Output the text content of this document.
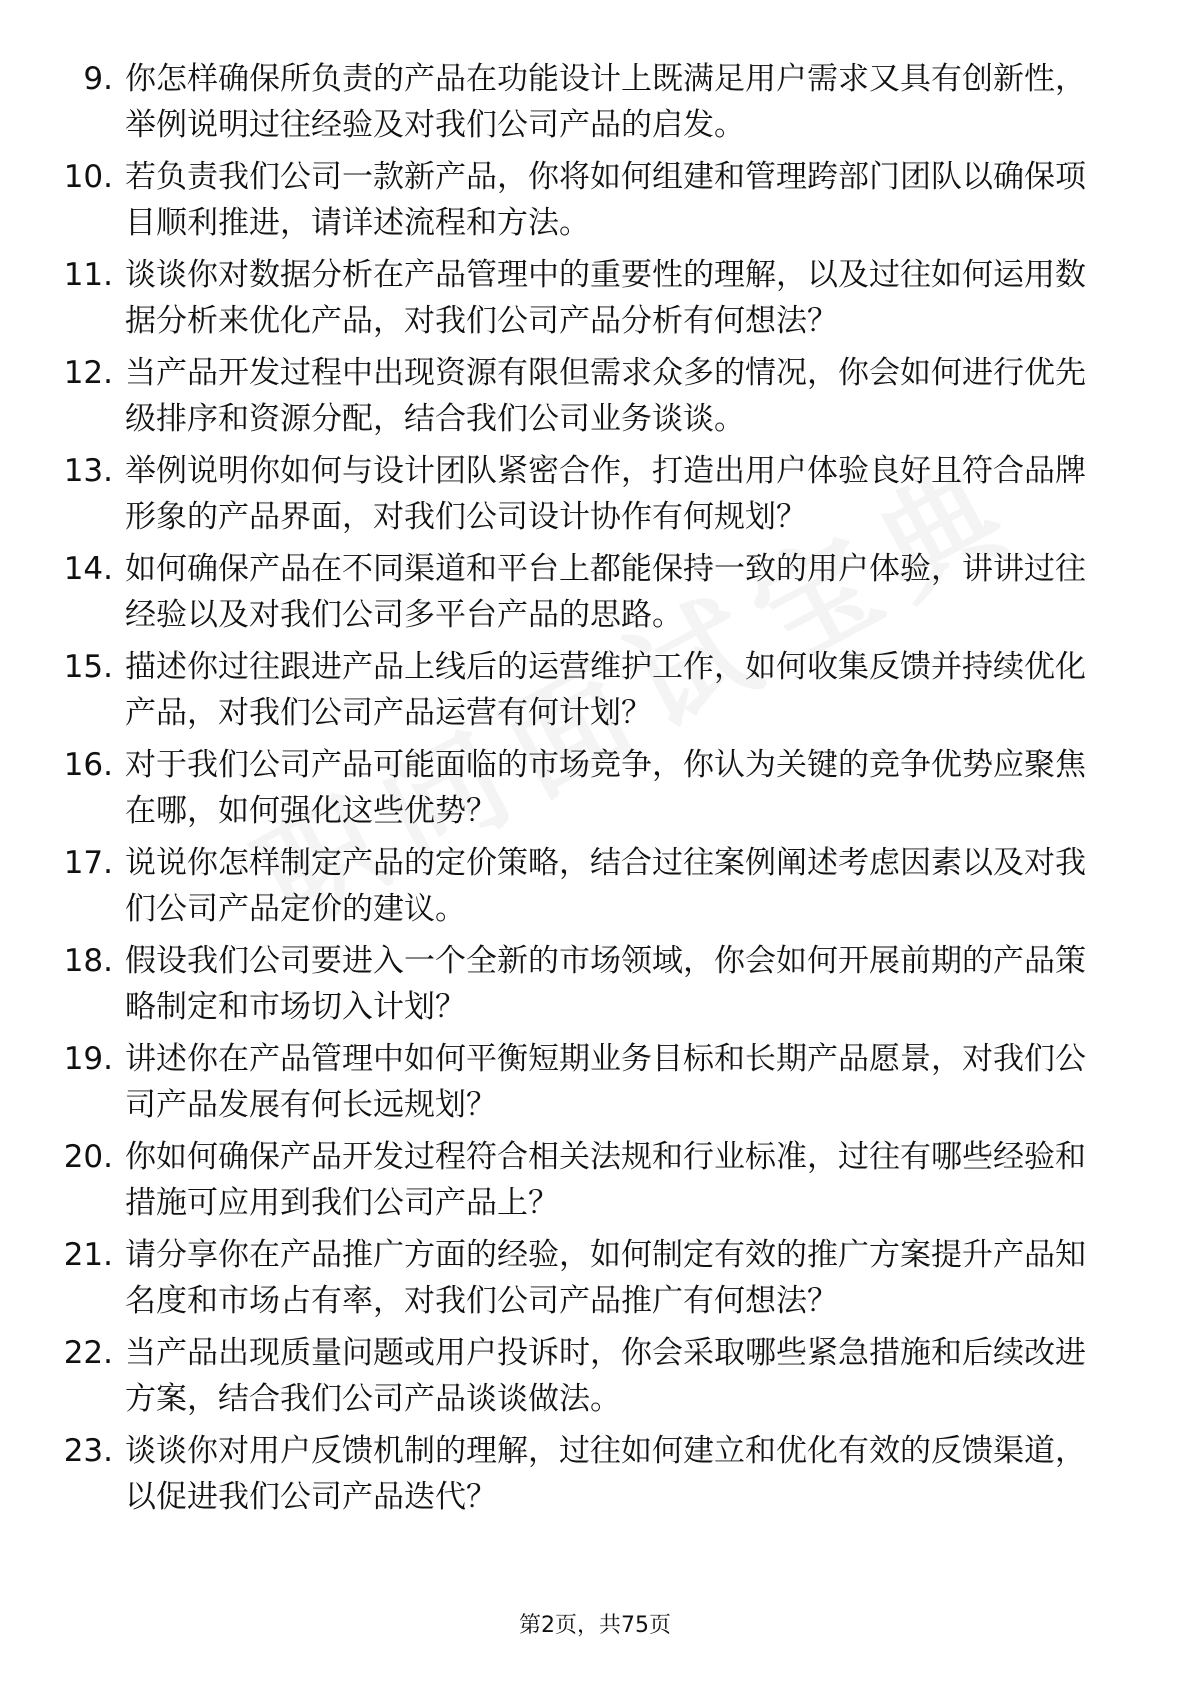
9. 你怎样确保所负责的产品在功能设计上既满足用户需求又具有创新性，举例说明过往经验及对我们公司产品的启发。
10. 若负责我们公司一款新产品，你将如何组建和管理跨部门团队以确保项目顺利推进，请详述流程和方法。
11. 谈谈你对数据分析在产品管理中的重要性的理解，以及过往如何运用数据分析来优化产品，对我们公司产品分析有何想法？
12. 当产品开发过程中出现资源有限但需求众多的情况，你会如何进行优先级排序和资源分配，结合我们公司业务谈谈。
13. 举例说明你如何与设计团队紧密合作，打造出用户体验良好且符合品牌形象的产品界面，对我们公司设计协作有何规划？
14. 如何确保产品在不同渠道和平台上都能保持一致的用户体验，讲讲过往经验以及对我们公司多平台产品的思路。
15. 描述你过往跟进产品上线后的运营维护工作，如何收集反馈并持续优化产品，对我们公司产品运营有何计划？
16. 对于我们公司产品可能面临的市场竞争，你认为关键的竞争优势应聚焦在哪，如何强化这些优势？
17. 说说你怎样制定产品的定价策略，结合过往案例阐述考虑因素以及对我们公司产品定价的建议。
18. 假设我们公司要进入一个全新的市场领域，你会如何开展前期的产品策略制定和市场切入计划？
19. 讲述你在产品管理中如何平衡短期业务目标和长期产品愿景，对我们公司产品发展有何长远规划？
20. 你如何确保产品开发过程符合相关法规和行业标准，过往有哪些经验和措施可应用到我们公司产品上？
21. 请分享你在产品推广方面的经验，如何制定有效的推广方案提升产品知名度和市场占有率，对我们公司产品推广有何想法？
22. 当产品出现质量问题或用户投诉时，你会采取哪些紧急措施和后续改进方案，结合我们公司产品谈谈做法。
23. 谈谈你对用户反馈机制的理解，过往如何建立和优化有效的反馈渠道，以促进我们公司产品迭代？
第2页，共75页
